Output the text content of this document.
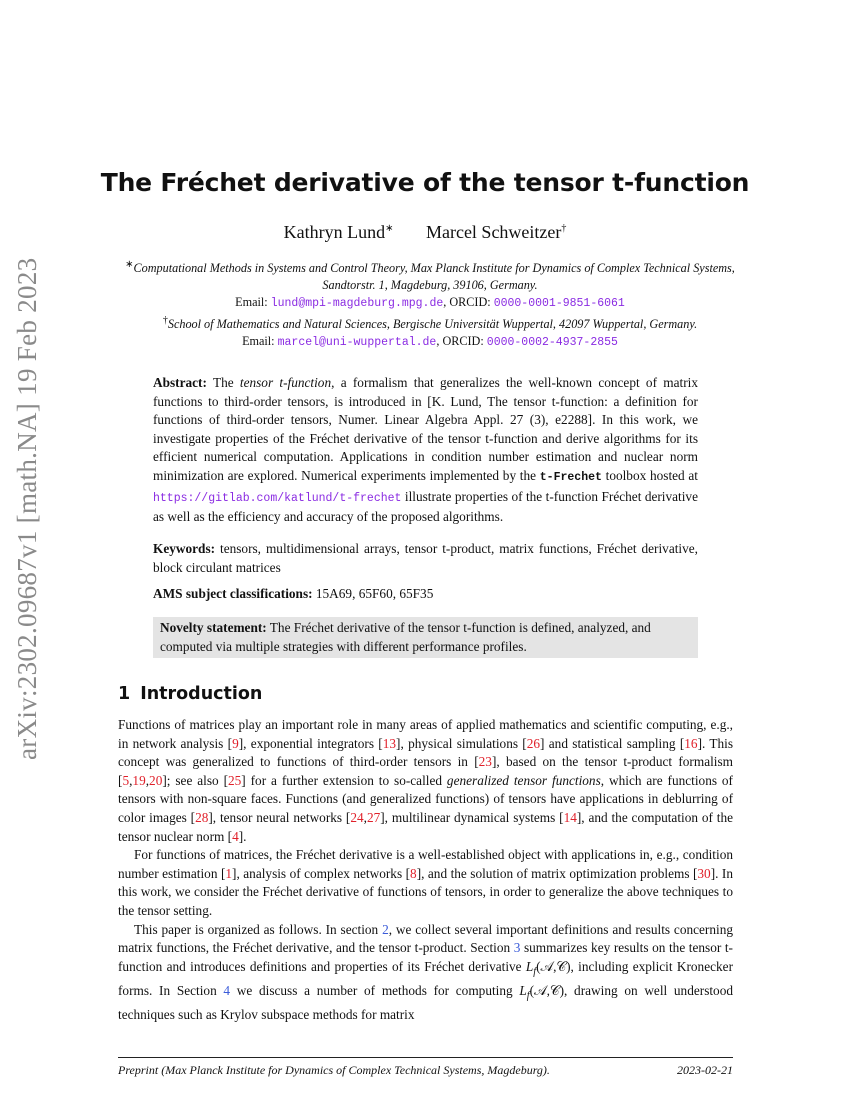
arXiv:2302.09687v1 [math.NA] 19 Feb 2023
The Fréchet derivative of the tensor t-function
Kathryn Lund∗ Marcel Schweitzer†
∗Computational Methods in Systems and Control Theory, Max Planck Institute for Dynamics of Complex Technical Systems, Sandtorstr. 1, Magdeburg, 39106, Germany.
Email: lund@mpi-magdeburg.mpg.de, ORCID: 0000-0001-9851-6061
†School of Mathematics and Natural Sciences, Bergische Universität Wuppertal, 42097 Wuppertal, Germany.
Email: marcel@uni-wuppertal.de, ORCID: 0000-0002-4937-2855
Abstract: The tensor t-function, a formalism that generalizes the well-known concept of matrix functions to third-order tensors, is introduced in [K. Lund, The tensor t-function: a definition for functions of third-order tensors, Numer. Linear Algebra Appl. 27 (3), e2288]. In this work, we investigate properties of the Fréchet derivative of the tensor t-function and derive algorithms for its efficient numerical computation. Applications in condition number estimation and nuclear norm minimization are explored. Numerical experiments implemented by the t-Frechet toolbox hosted at https://gitlab.com/katlund/t-frechet illustrate properties of the t-function Fréchet derivative as well as the efficiency and accuracy of the proposed algorithms.
Keywords: tensors, multidimensional arrays, tensor t-product, matrix functions, Fréchet derivative, block circulant matrices
AMS subject classifications: 15A69, 65F60, 65F35
Novelty statement: The Fréchet derivative of the tensor t-function is defined, analyzed, and computed via multiple strategies with different performance profiles.
1 Introduction

Functions of matrices play an important role in many areas of applied mathematics and scientific computing, e.g., in network analysis [9], exponential integrators [13], physical simulations [26] and statistical sampling [16]. This concept was generalized to functions of third-order tensors in [23], based on the tensor t-product formalism [5,19,20]; see also [25] for a further extension to so-called generalized tensor functions, which are functions of tensors with non-square faces. Functions (and generalized functions) of tensors have applications in deblurring of color images [28], tensor neural networks [24,27], multilinear dynamical systems [14], and the computation of the tensor nuclear norm [4].

For functions of matrices, the Fréchet derivative is a well-established object with applications in, e.g., condition number estimation [1], analysis of complex networks [8], and the solution of matrix optimization problems [30]. In this work, we consider the Fréchet derivative of functions of tensors, in order to generalize the above techniques to the tensor setting.

This paper is organized as follows. In section 2, we collect several important definitions and results concerning matrix functions, the Fréchet derivative, and the tensor t-product. Section 3 summarizes key results on the tensor t-function and introduces definitions and properties of its Fréchet derivative $L_f(𝒜,𝒞)$, including explicit Kronecker forms. In Section 4 we discuss a number of methods for computing $L_f(𝒜,𝒞)$, drawing on well understood techniques such as Krylov subspace methods for matrix

Preprint (Max Planck Institute for Dynamics of Complex Technical Systems, Magdeburg).	2023-02-21
